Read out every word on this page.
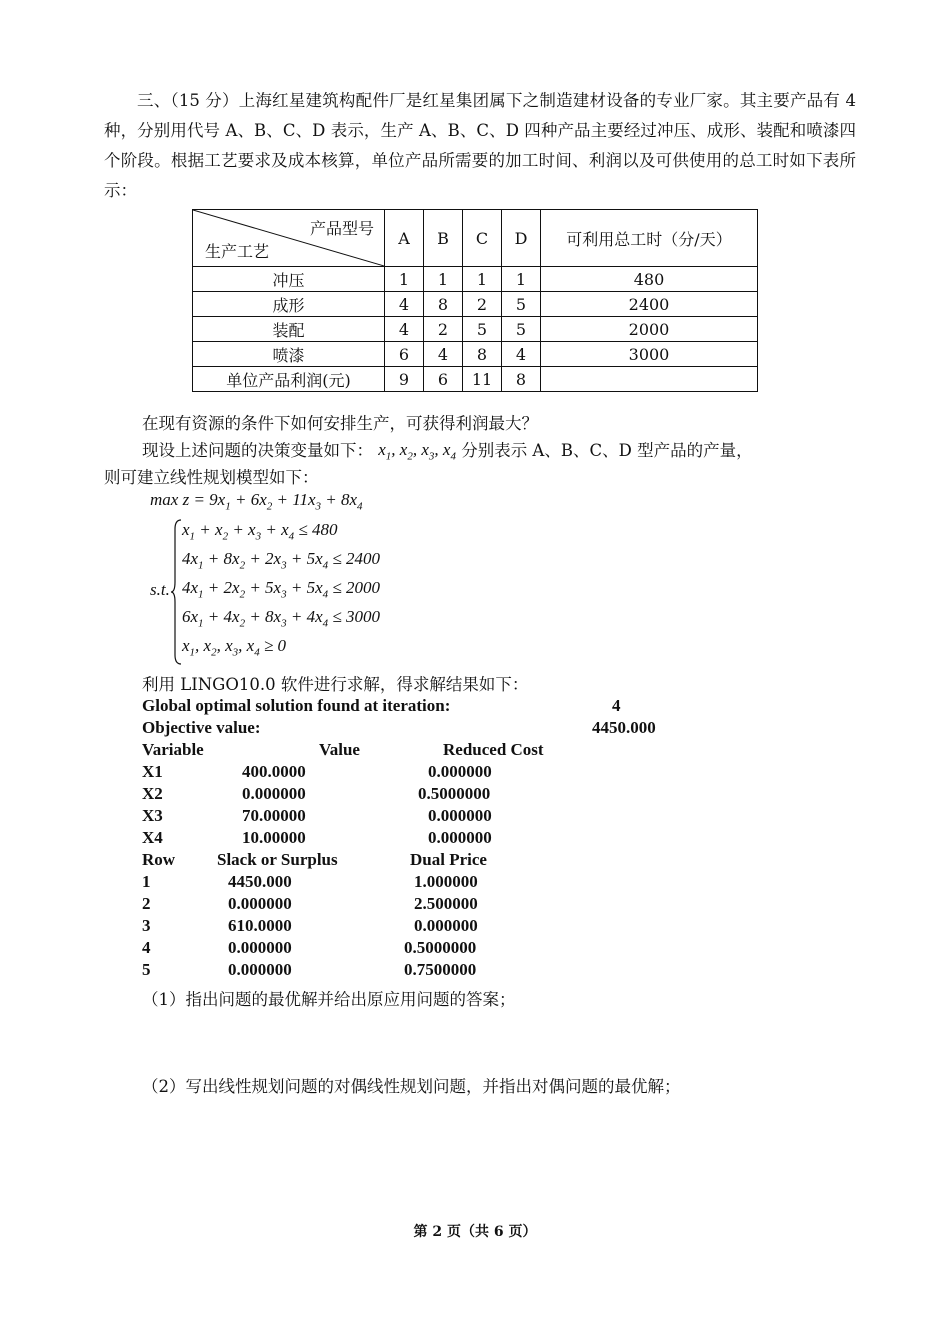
三、（15 分）上海红星建筑构配件厂是红星集团属下之制造建材设备的专业厂家。其主要产品有 4 种，分别用代号 A、B、C、D 表示，生产 A、B、C、D 四种产品主要经过冲压、成形、装配和喷漆四个阶段。根据工艺要求及成本核算，单位产品所需要的加工时间、利润以及可供使用的总工时如下表所示：

产品型号
生产工艺	A	B	C	D	可利用总工时（分/天）
冲压	1	1	1	1	480
成形	4	8	2	5	2400
装配	4	2	5	5	2000
喷漆	6	4	8	4	3000
单位产品利润(元)	9	6	11	8	
在现有资源的条件下如何安排生产，可获得利润最大？
现设上述问题的决策变量如下： $x_1$, $x_2$, $x_3$, $x_4$ 分别表示 A、B、C、D 型产品的产量，
则可建立线性规划模型如下：
$\max z = 9x_1 + 6x_2 + 11x_3 + 8x_4$
s.t.
$x_1 + x_2 + x_3 + x_4 \le 480$
$4x_1 + 8x_2 + 2x_3 + 5x_4 \le 2400$
$4x_1 + 2x_2 + 5x_3 + 5x_4 \le 2000$
$6x_1 + 4x_2 + 8x_3 + 4x_4 \le 3000$
$x_1$, $x_2$, $x_3$, $x_4 \ge 0$
利用 LINGO10.0 软件进行求解，得求解结果如下：
Global optimal solution found at iteration:	4
Objective value:	4450.000
Variable	Value	Reduced Cost
X1	400.0000	0.000000
X2	0.000000	0.5000000
X3	70.00000	0.000000
X4	10.00000	0.000000
Row Slack or Surplus	Dual Price
1	4450.000	1.000000
2	0.000000	2.500000
3	610.0000	0.000000
4	0.000000	0.5000000
5	0.000000	0.7500000
（1）指出问题的最优解并给出原应用问题的答案；
（2）写出线性规划问题的对偶线性规划问题，并指出对偶问题的最优解；
第 2 页（共 6 页）
